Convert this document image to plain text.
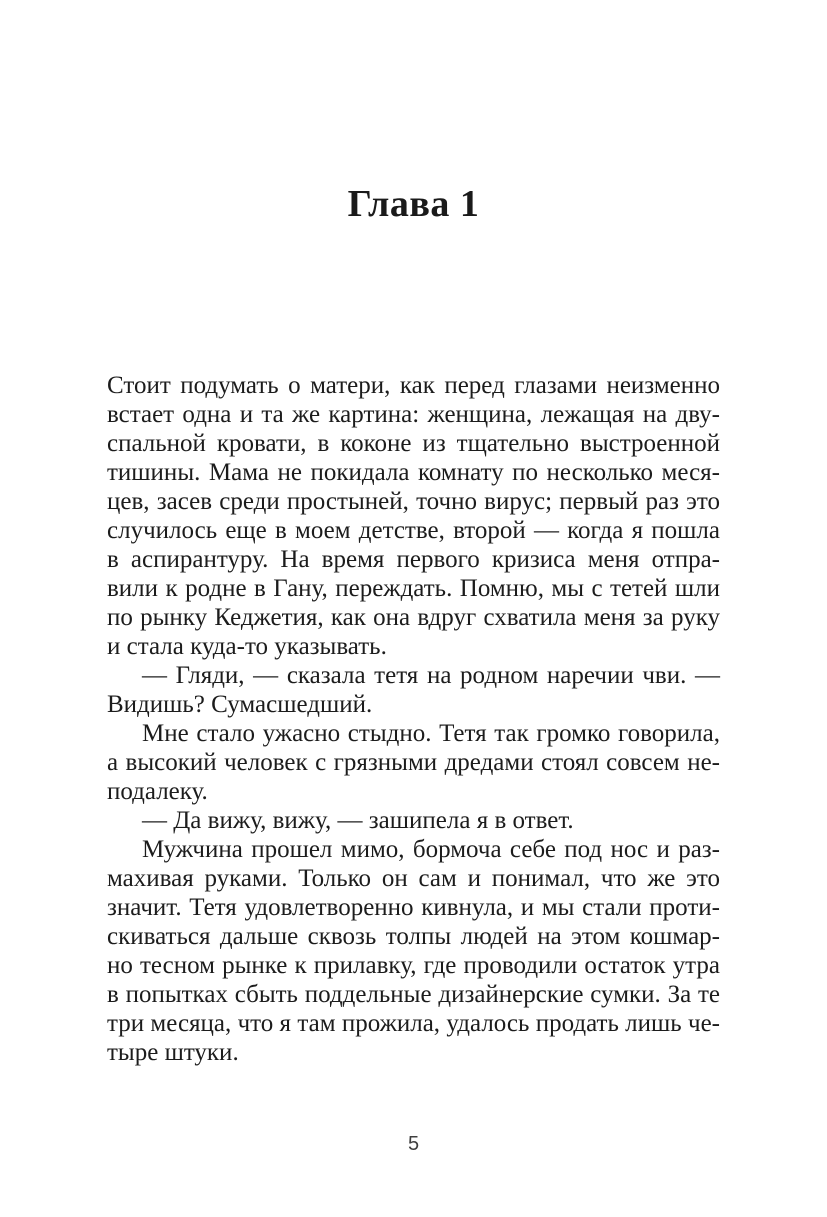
Глава 1
Стоит подумать о матери, как перед глазами неизменно
встает одна и та же картина: женщина, лежащая на дву-
спальной кровати, в коконе из тщательно выстроенной
тишины. Мама не покидала комнату по несколько меся-
цев, засев среди простыней, точно вирус; первый раз это
случилось еще в моем детстве, второй — когда я пошла
в аспирантуру. На время первого кризиса меня отпра-
вили к родне в Гану, переждать. Помню, мы с тетей шли
по рынку Кеджетия, как она вдруг схватила меня за руку
и стала куда-то указывать.
— Гляди, — сказала тетя на родном наречии чви. —
Видишь? Сумасшедший.
Мне стало ужасно стыдно. Тетя так громко говорила,
а высокий человек с грязными дредами стоял совсем не-
подалеку.
— Да вижу, вижу, — зашипела я в ответ.
Мужчина прошел мимо, бормоча себе под нос и раз-
махивая руками. Только он сам и понимал, что же это
значит. Тетя удовлетворенно кивнула, и мы стали проти-
скиваться дальше сквозь толпы людей на этом кошмар-
но тесном рынке к прилавку, где проводили остаток утра
в попытках сбыть поддельные дизайнерские сумки. За те
три месяца, что я там прожила, удалось продать лишь че-
тыре штуки.
5
